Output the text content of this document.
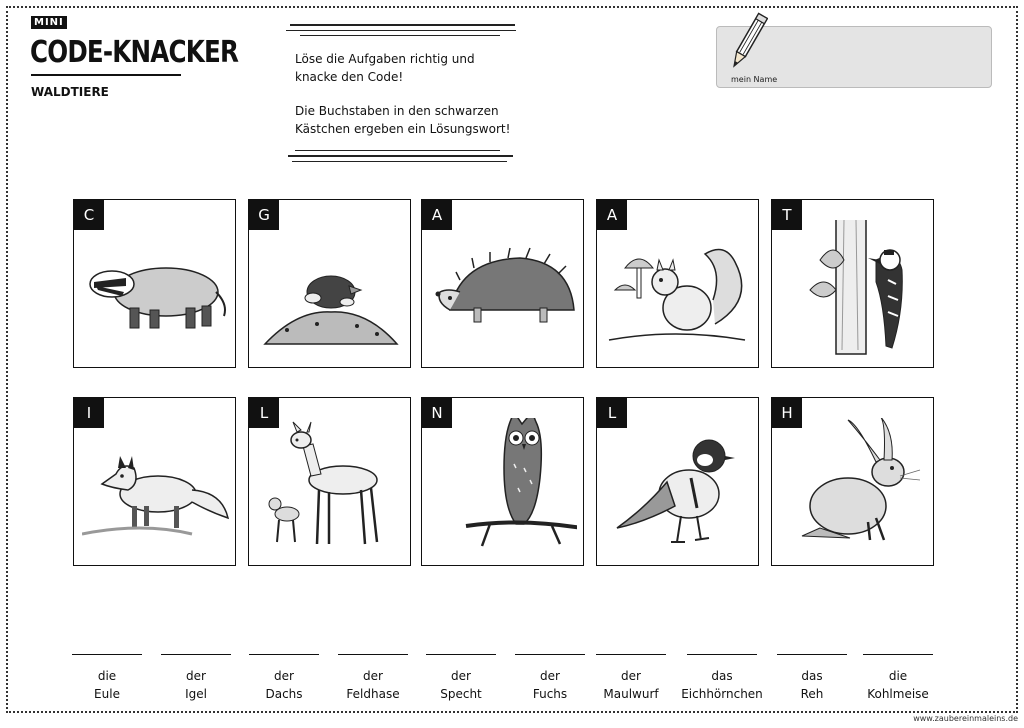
MINI
CODE-KNACKER
WALDTIERE

Löse die Aufgaben richtig und
knacke den Code!

Die Buchstaben in den schwarzen
Kästchen ergeben ein Lösungswort!

mein Name
C	G	A	A	T
I	L	N	L	H
die
Eule
der
Igel
der
Dachs
der
Feldhase
der
Specht
der
Fuchs
der
Maulwurf
das
Eichhörnchen
das
Reh
die
Kohlmeise
www.zaubereinmaleins.de
